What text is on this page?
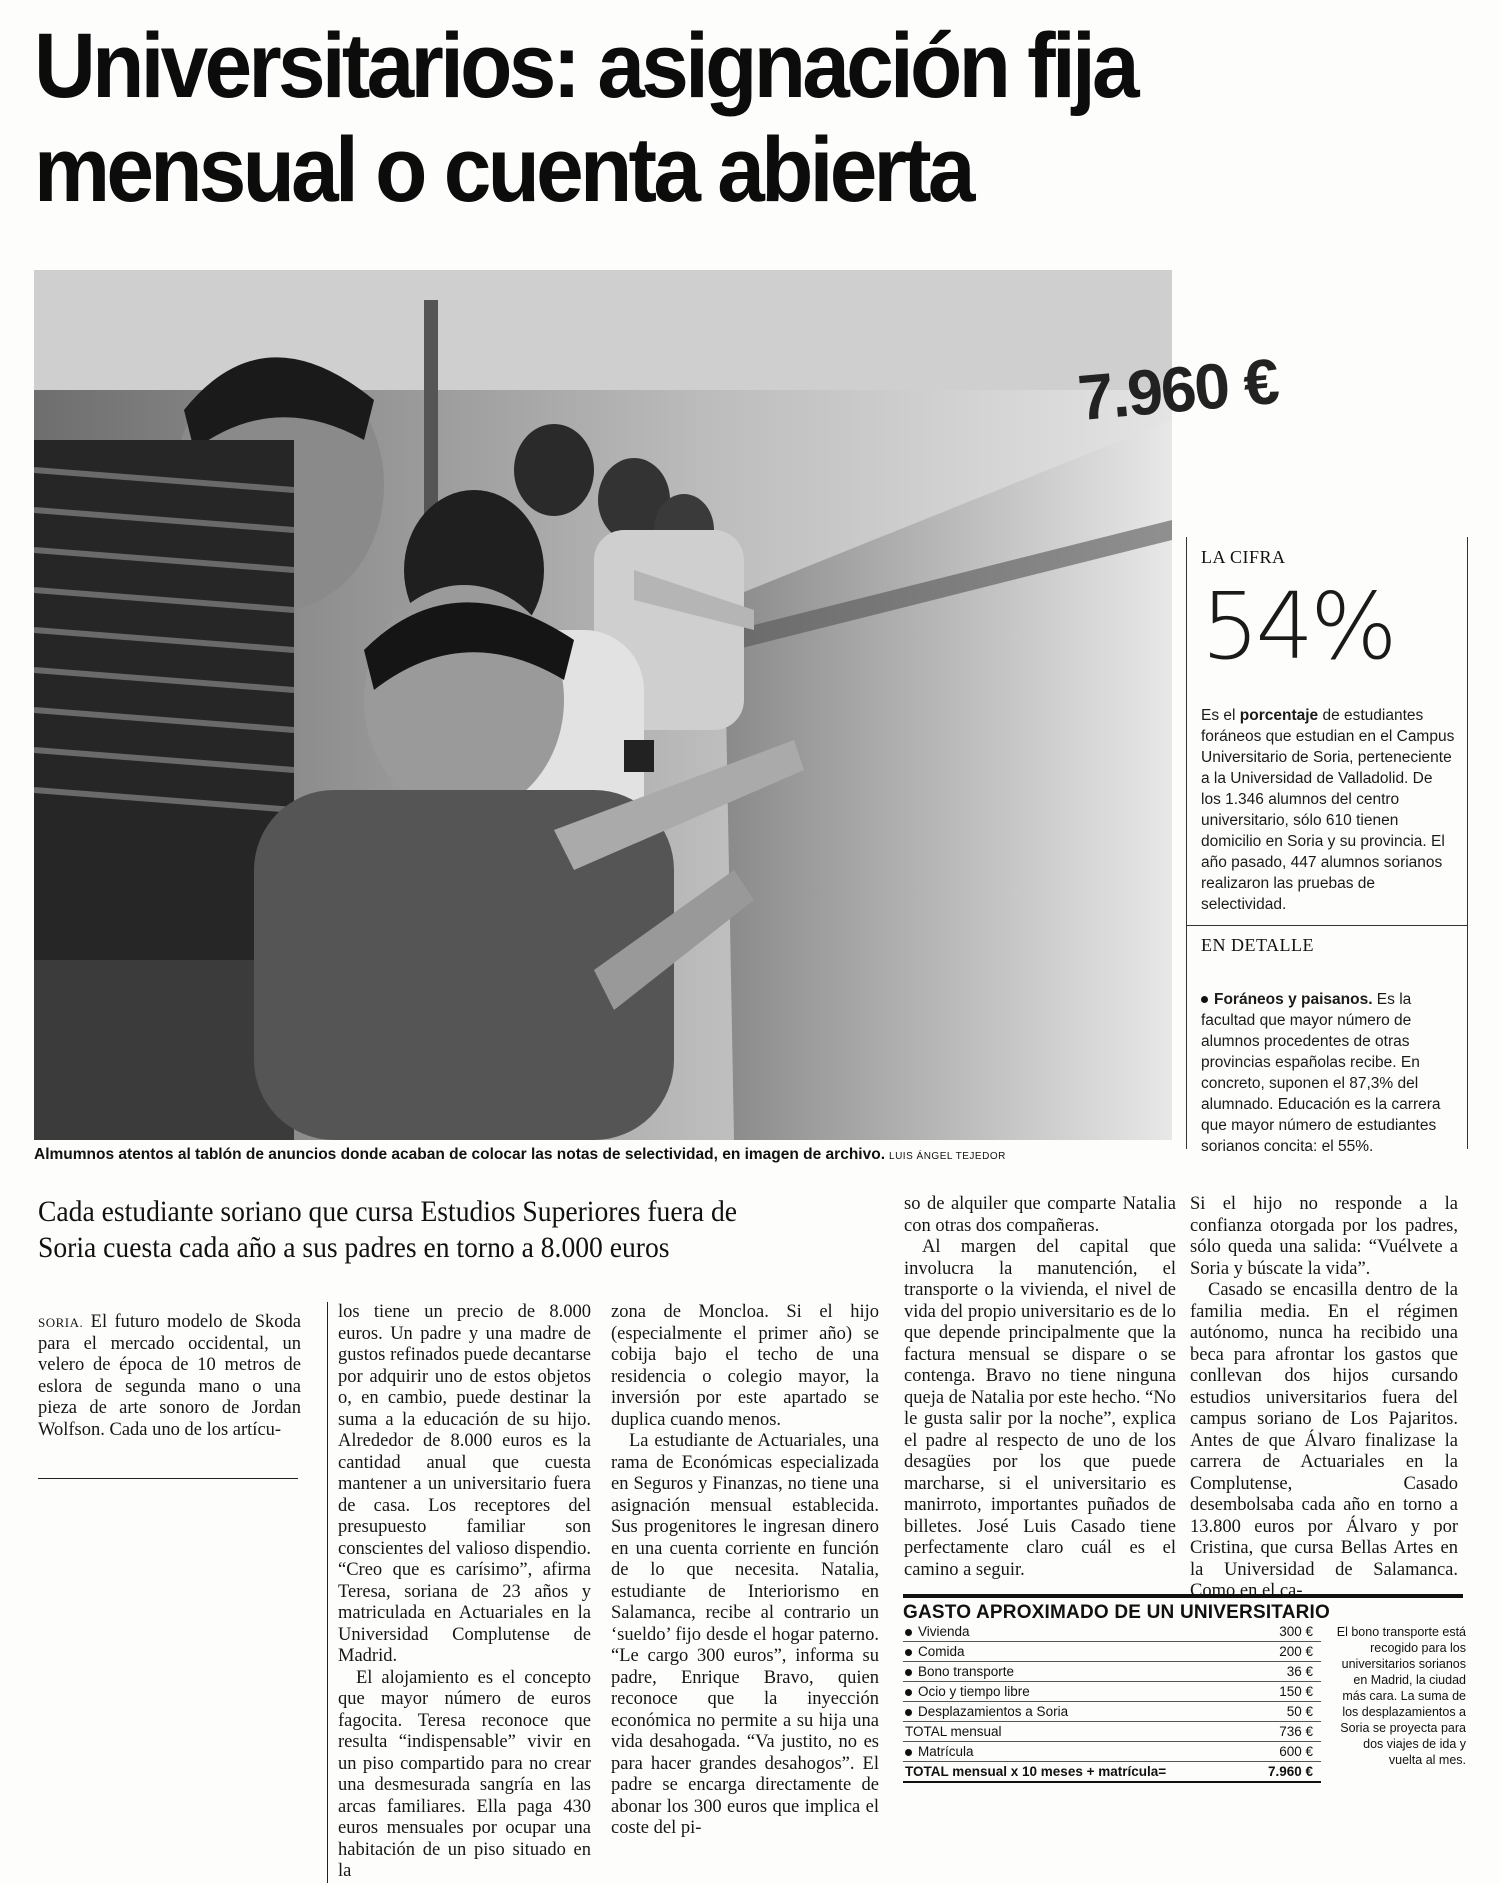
Universitarios: asignación fija
mensual o cuenta abierta
7.960 €
Almumnos atentos al tablón de anuncios donde acaban de colocar las notas de selectividad, en imagen de archivo. LUIS ÁNGEL TEJEDOR
LA CIFRA
54%
Es el porcentaje de estudiantes foráneos que estudian en el Campus Universitario de Soria, perteneciente a la Universidad de Valladolid. De los 1.346 alumnos del centro universitario, sólo 610 tienen domicilio en Soria y su provincia. El año pasado, 447 alumnos sorianos realizaron las pruebas de selectividad.
EN DETALLE
Foráneos y paisanos. Es la facultad que mayor número de alumnos procedentes de otras provincias españolas recibe. En concreto, suponen el 87,3% del alumnado. Educación es la carrera que mayor número de estudiantes sorianos concita: el 55%.
Cada estudiante soriano que cursa Estudios Superiores fuera de Soria cuesta cada año a sus padres en torno a 8.000 euros

SORIA. El futuro modelo de Skoda para el mercado occidental, un velero de época de 10 metros de eslora de segunda mano o una pieza de arte sonoro de Jordan Wolfson. Cada uno de los artícu-

los tiene un precio de 8.000 euros. Un padre y una madre de gustos refinados puede decantarse por adquirir uno de estos objetos o, en cambio, puede destinar la suma a la educación de su hijo. Alrededor de 8.000 euros es la cantidad anual que cuesta mantener a un universitario fuera de casa. Los receptores del presupuesto familiar son conscientes del valioso dispendio. “Creo que es carísimo”, afirma Teresa, soriana de 23 años y matriculada en Actuariales en la Universidad Complutense de Madrid.

El alojamiento es el concepto que mayor número de euros fagocita. Teresa reconoce que resulta “indispensable” vivir en un piso compartido para no crear una desmesurada sangría en las arcas familiares. Ella paga 430 euros mensuales por ocupar una habitación de un piso situado en la

zona de Moncloa. Si el hijo (especialmente el primer año) se cobija bajo el techo de una residencia o colegio mayor, la inversión por este apartado se duplica cuando menos.

La estudiante de Actuariales, una rama de Económicas especializada en Seguros y Finanzas, no tiene una asignación mensual establecida. Sus progenitores le ingresan dinero en una cuenta corriente en función de lo que necesita. Natalia, estudiante de Interiorismo en Salamanca, recibe al contrario un ‘sueldo’ fijo desde el hogar paterno. “Le cargo 300 euros”, informa su padre, Enrique Bravo, quien reconoce que la inyección económica no permite a su hija una vida desahogada. “Va justito, no es para hacer grandes desahogos”. El padre se encarga directamente de abonar los 300 euros que implica el coste del pi-

so de alquiler que comparte Natalia con otras dos compañeras.

Al margen del capital que involucra la manutención, el transporte o la vivienda, el nivel de vida del propio universitario es de lo que depende principalmente que la factura mensual se dispare o se contenga. Bravo no tiene ninguna queja de Natalia por este hecho. “No le gusta salir por la noche”, explica el padre al respecto de uno de los desagües por los que puede marcharse, si el universitario es manirroto, importantes puñados de billetes. José Luis Casado tiene perfectamente claro cuál es el camino a seguir.

Si el hijo no responde a la confianza otorgada por los padres, sólo queda una salida: “Vuélvete a Soria y búscate la vida”.

Casado se encasilla dentro de la familia media. En el régimen autónomo, nunca ha recibido una beca para afrontar los gastos que conllevan dos hijos cursando estudios universitarios fuera del campus soriano de Los Pajaritos. Antes de que Álvaro finalizase la carrera de Actuariales en la Complutense, Casado desembolsaba cada año en torno a 13.800 euros por Álvaro y por Cristina, que cursa Bellas Artes en la Universidad de Salamanca. Como en el ca-

GASTO APROXIMADO DE UN UNIVERSITARIO
Vivienda	300 €
Comida	200 €
Bono transporte	36 €
Ocio y tiempo libre	150 €
Desplazamientos a Soria	50 €
TOTAL mensual	736 €
Matrícula	600 €
TOTAL mensual x 10 meses + matrícula=	7.960 €
El bono transporte está recogido para los universitarios sorianos en Madrid, la ciudad más cara. La suma de los desplazamientos a Soria se proyecta para dos viajes de ida y vuelta al mes.
